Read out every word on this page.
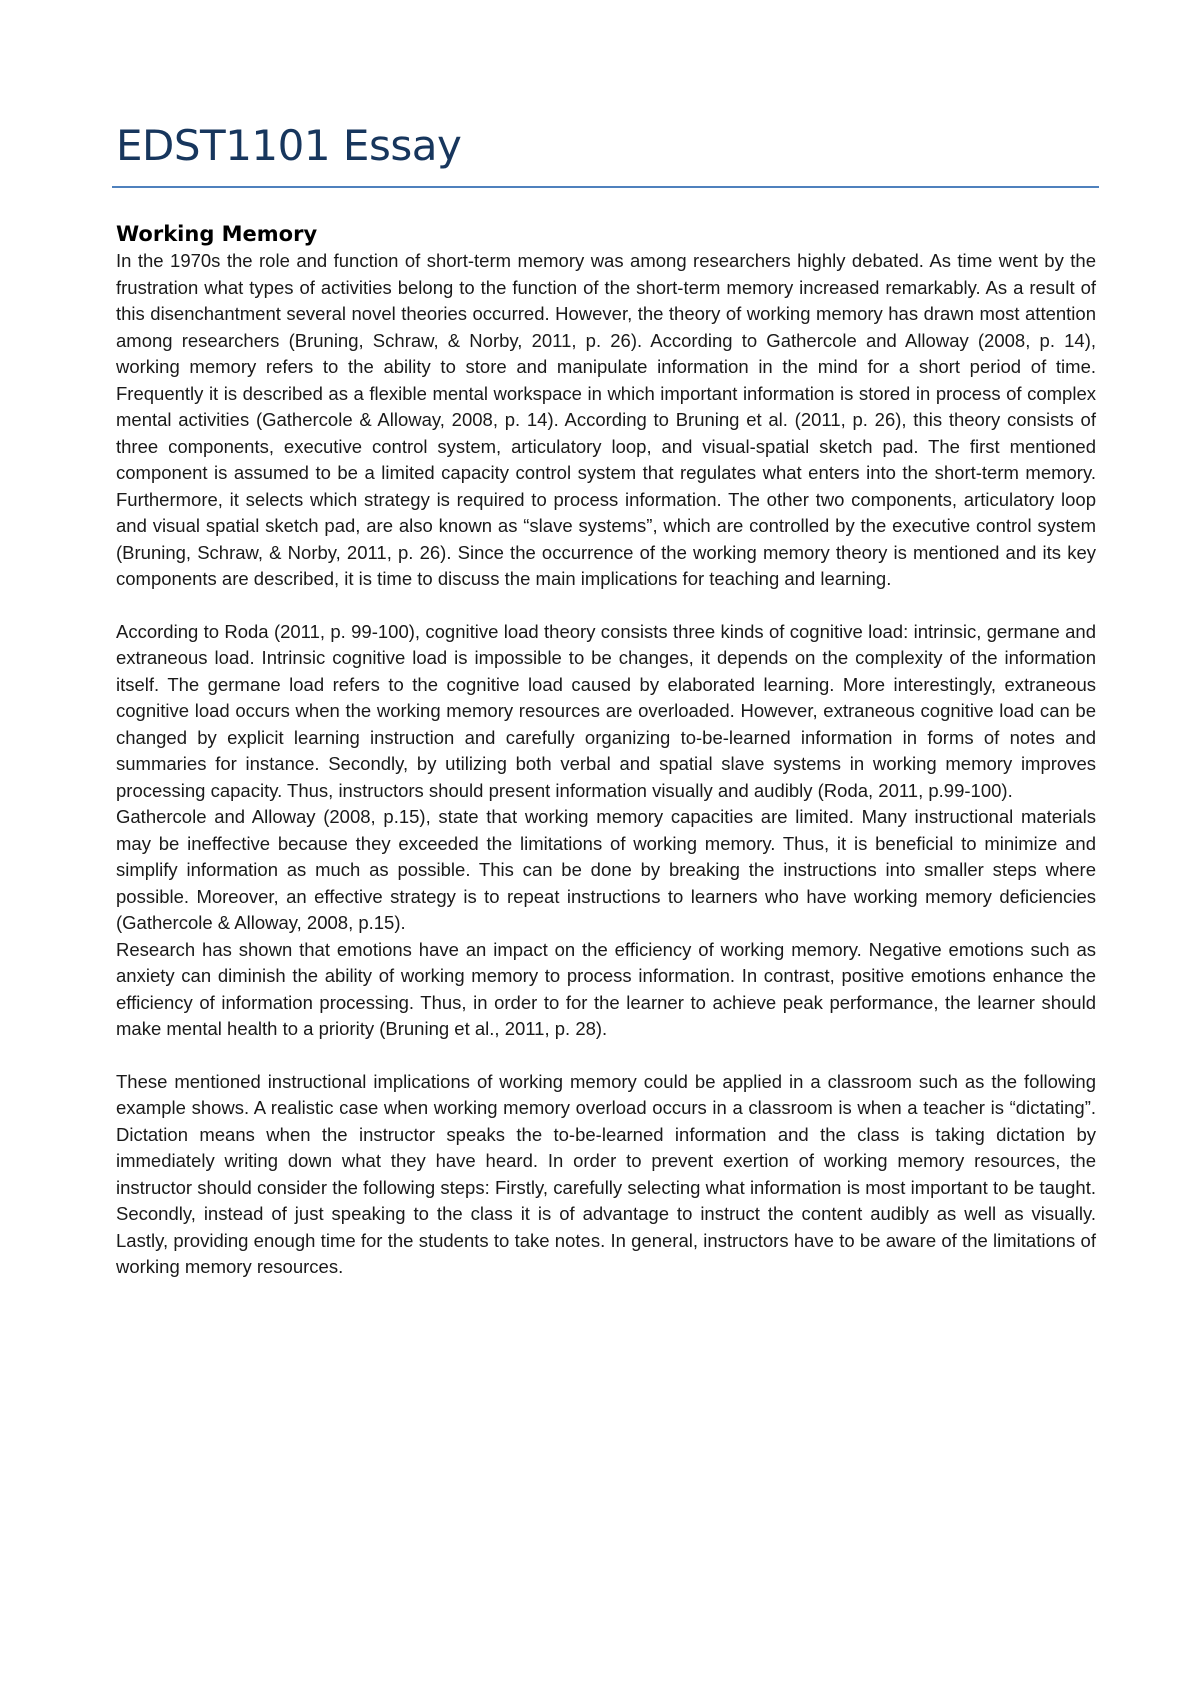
EDST1101 Essay
Working Memory

In the 1970s the role and function of short-term memory was among researchers highly debated. As time went by the frustration what types of activities belong to the function of the short-term memory increased remarkably. As a result of this disenchantment several novel theories occurred. However, the theory of working memory has drawn most attention among researchers (Bruning, Schraw, & Norby, 2011, p. 26). According to Gathercole and Alloway (2008, p. 14), working memory refers to the ability to store and manipulate information in the mind for a short period of time. Frequently it is described as a flexible mental workspace in which important information is stored in process of complex mental activities (Gathercole & Alloway, 2008, p. 14). According to Bruning et al. (2011, p. 26), this theory consists of three components, executive control system, articulatory loop, and visual-spatial sketch pad. The first mentioned component is assumed to be a limited capacity control system that regulates what enters into the short-term memory. Furthermore, it selects which strategy is required to process information. The other two components, articulatory loop and visual spatial sketch pad, are also known as “slave systems”, which are controlled by the executive control system (Bruning, Schraw, & Norby, 2011, p. 26). Since the occurrence of the working memory theory is mentioned and its key components are described, it is time to discuss the main implications for teaching and learning.

According to Roda (2011, p. 99-100), cognitive load theory consists three kinds of cognitive load: intrinsic, germane and extraneous load. Intrinsic cognitive load is impossible to be changes, it depends on the complexity of the information itself. The germane load refers to the cognitive load caused by elaborated learning. More interestingly, extraneous cognitive load occurs when the working memory resources are overloaded. However, extraneous cognitive load can be changed by explicit learning instruction and carefully organizing to-be-learned information in forms of notes and summaries for instance. Secondly, by utilizing both verbal and spatial slave systems in working memory improves processing capacity. Thus, instructors should present information visually and audibly (Roda, 2011, p.99-100).

Gathercole and Alloway (2008, p.15), state that working memory capacities are limited. Many instructional materials may be ineffective because they exceeded the limitations of working memory. Thus, it is beneficial to minimize and simplify information as much as possible. This can be done by breaking the instructions into smaller steps where possible. Moreover, an effective strategy is to repeat instructions to learners who have working memory deficiencies (Gathercole & Alloway, 2008, p.15).

Research has shown that emotions have an impact on the efficiency of working memory. Negative emotions such as anxiety can diminish the ability of working memory to process information. In contrast, positive emotions enhance the efficiency of information processing. Thus, in order to for the learner to achieve peak performance, the learner should make mental health to a priority (Bruning et al., 2011, p. 28).

These mentioned instructional implications of working memory could be applied in a classroom such as the following example shows. A realistic case when working memory overload occurs in a classroom is when a teacher is “dictating”. Dictation means when the instructor speaks the to-be-learned information and the class is taking dictation by immediately writing down what they have heard. In order to prevent exertion of working memory resources, the instructor should consider the following steps: Firstly, carefully selecting what information is most important to be taught. Secondly, instead of just speaking to the class it is of advantage to instruct the content audibly as well as visually. Lastly, providing enough time for the students to take notes. In general, instructors have to be aware of the limitations of working memory resources.
